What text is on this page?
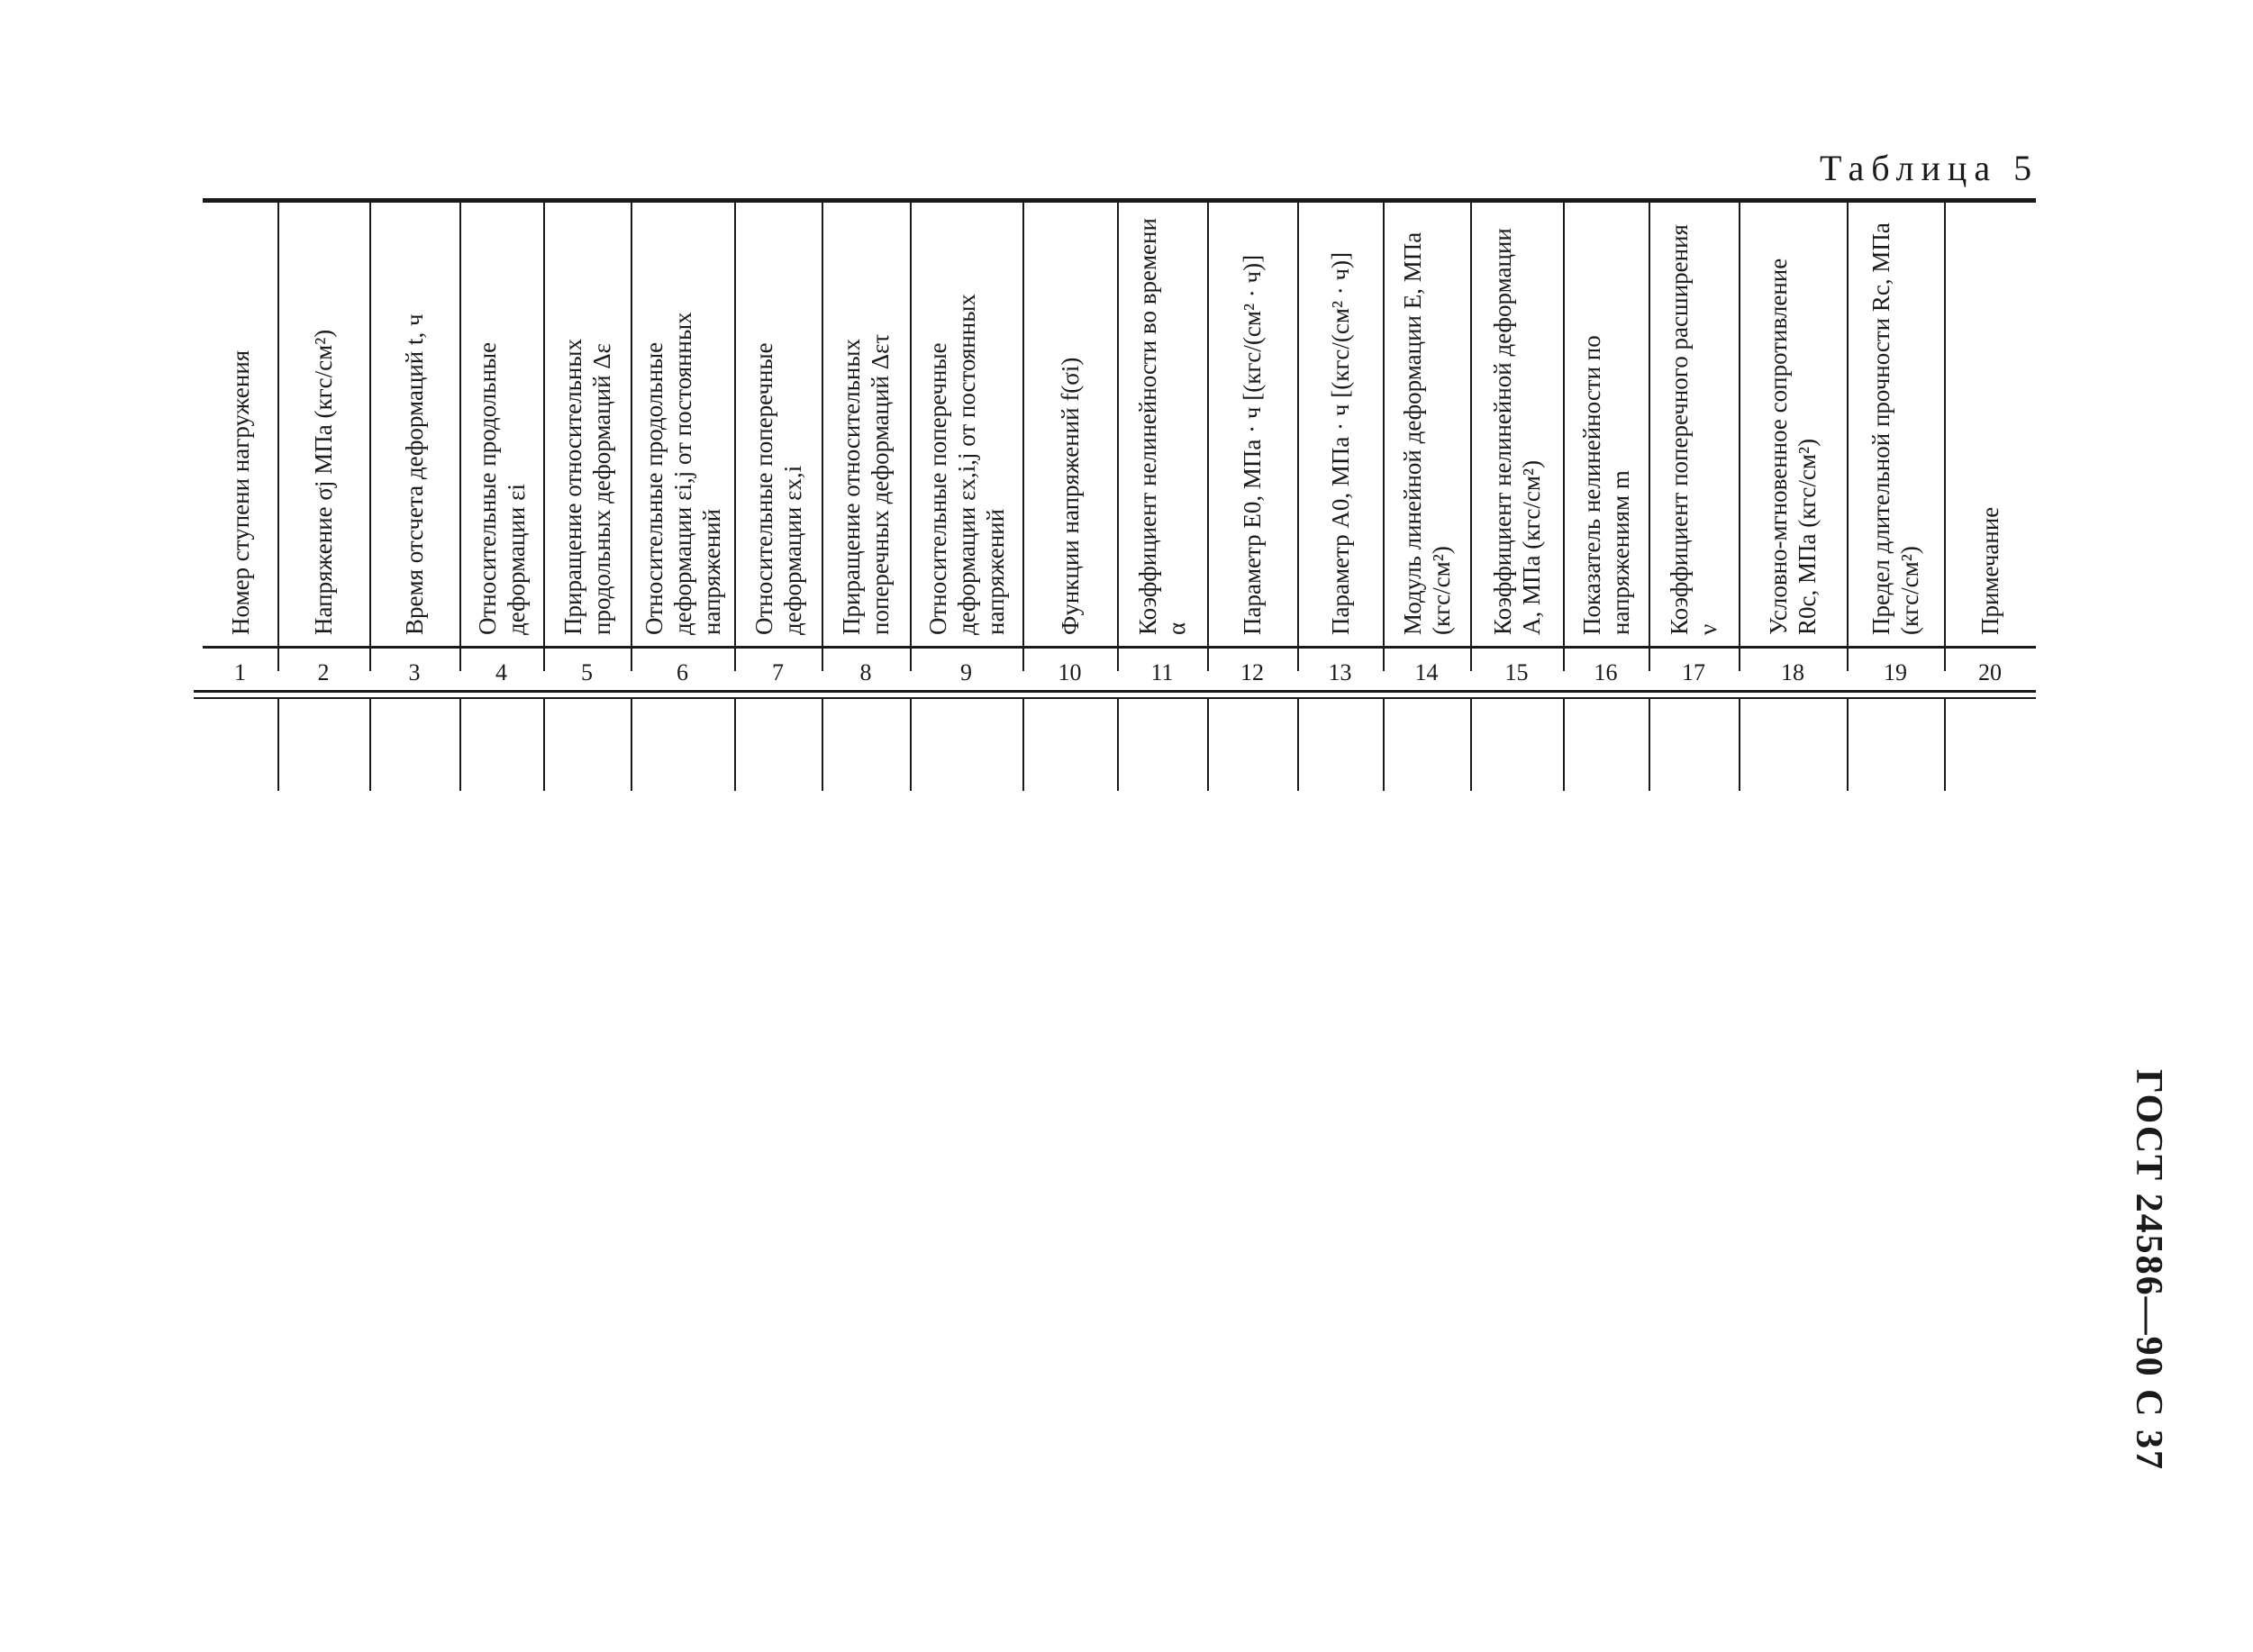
Таблица 5
Номер ступени нагружения
1
Напряжение σj МПа (кгс/см²)
2
Время отсчета деформаций t, ч
3
Относительные продольные деформации εi
4
Приращение относительных продольных деформаций Δε
5
Относительные продольные деформации εi,j от постоянных напряжений
6
Относительные поперечные деформации εx,i
7
Приращение относительных поперечных деформаций Δετ
8
Относительные поперечные деформации εx,i,j от постоянных напряжений
9
Функции напряжений f(σi)
10
Коэффициент нелинейности во времени α
11
Параметр E0, МПа · ч [(кгс/(см² · ч)]
12
Параметр A0, МПа · ч [(кгс/(см² · ч)]
13
Модуль линейной деформации E, МПа (кгс/см²)
14
Коэффициент нелинейной деформации A, МПа (кгс/см²)
15
Показатель нелинейности по напряжениям m
16
Коэффициент поперечного расширения ν
17
Условно-мгновенное сопротивление R0c, МПа (кгс/см²)
18
Предел длительной прочности Rc, МПа (кгс/см²)
19
Примечание
20
ГОСТ 24586—90 С 37
